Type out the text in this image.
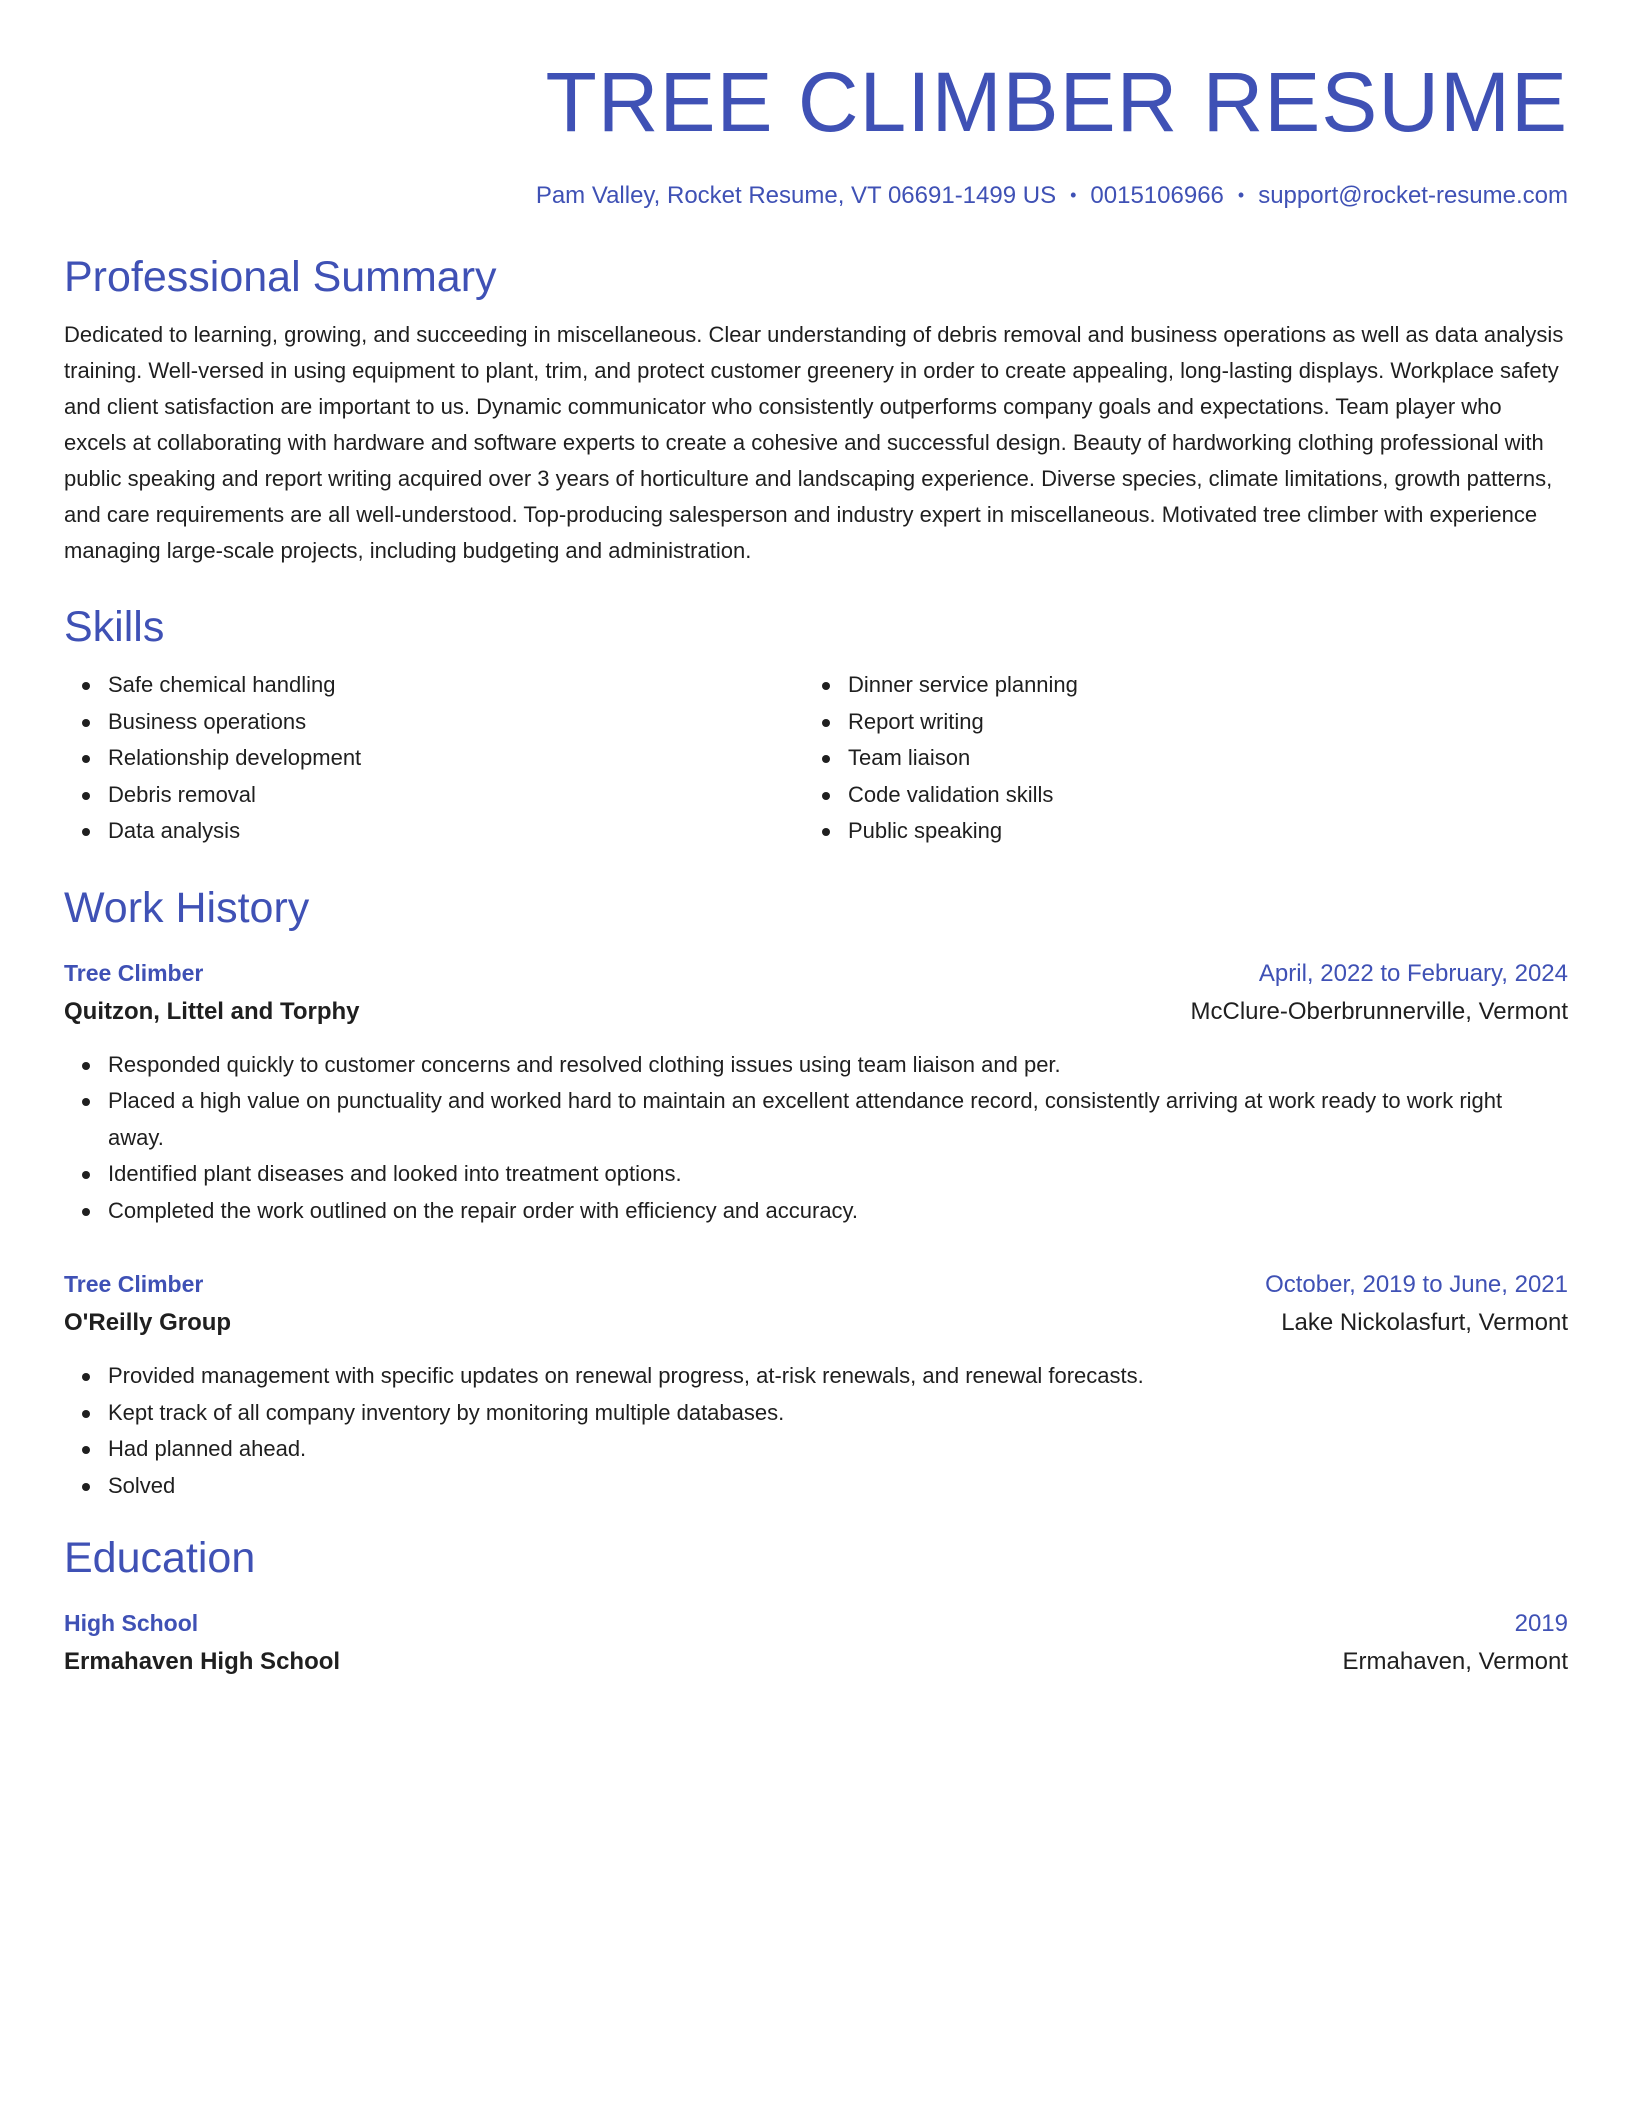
TREE CLIMBER RESUME
Pam Valley, Rocket Resume, VT 06691-1499 US • 0015106966 • support@rocket-resume.com
Professional Summary
Dedicated to learning, growing, and succeeding in miscellaneous. Clear understanding of debris removal and business operations as well as data analysis training. Well-versed in using equipment to plant, trim, and protect customer greenery in order to create appealing, long-lasting displays. Workplace safety and client satisfaction are important to us. Dynamic communicator who consistently outperforms company goals and expectations. Team player who excels at collaborating with hardware and software experts to create a cohesive and successful design. Beauty of hardworking clothing professional with public speaking and report writing acquired over 3 years of horticulture and landscaping experience. Diverse species, climate limitations, growth patterns, and care requirements are all well-understood. Top-producing salesperson and industry expert in miscellaneous. Motivated tree climber with experience managing large-scale projects, including budgeting and administration.
Skills
Safe chemical handling
Business operations
Relationship development
Debris removal
Data analysis
Dinner service planning
Report writing
Team liaison
Code validation skills
Public speaking
Work History
Tree Climber	April, 2022 to February, 2024
Quitzon, Littel and Torphy	McClure-Oberbrunnerville, Vermont
Responded quickly to customer concerns and resolved clothing issues using team liaison and per.
Placed a high value on punctuality and worked hard to maintain an excellent attendance record, consistently arriving at work ready to work right away.
Identified plant diseases and looked into treatment options.
Completed the work outlined on the repair order with efficiency and accuracy.
Tree Climber	October, 2019 to June, 2021
O'Reilly Group	Lake Nickolasfurt, Vermont
Provided management with specific updates on renewal progress, at-risk renewals, and renewal forecasts.
Kept track of all company inventory by monitoring multiple databases.
Had planned ahead.
Solved
Education
High School	2019
Ermahaven High School	Ermahaven, Vermont
